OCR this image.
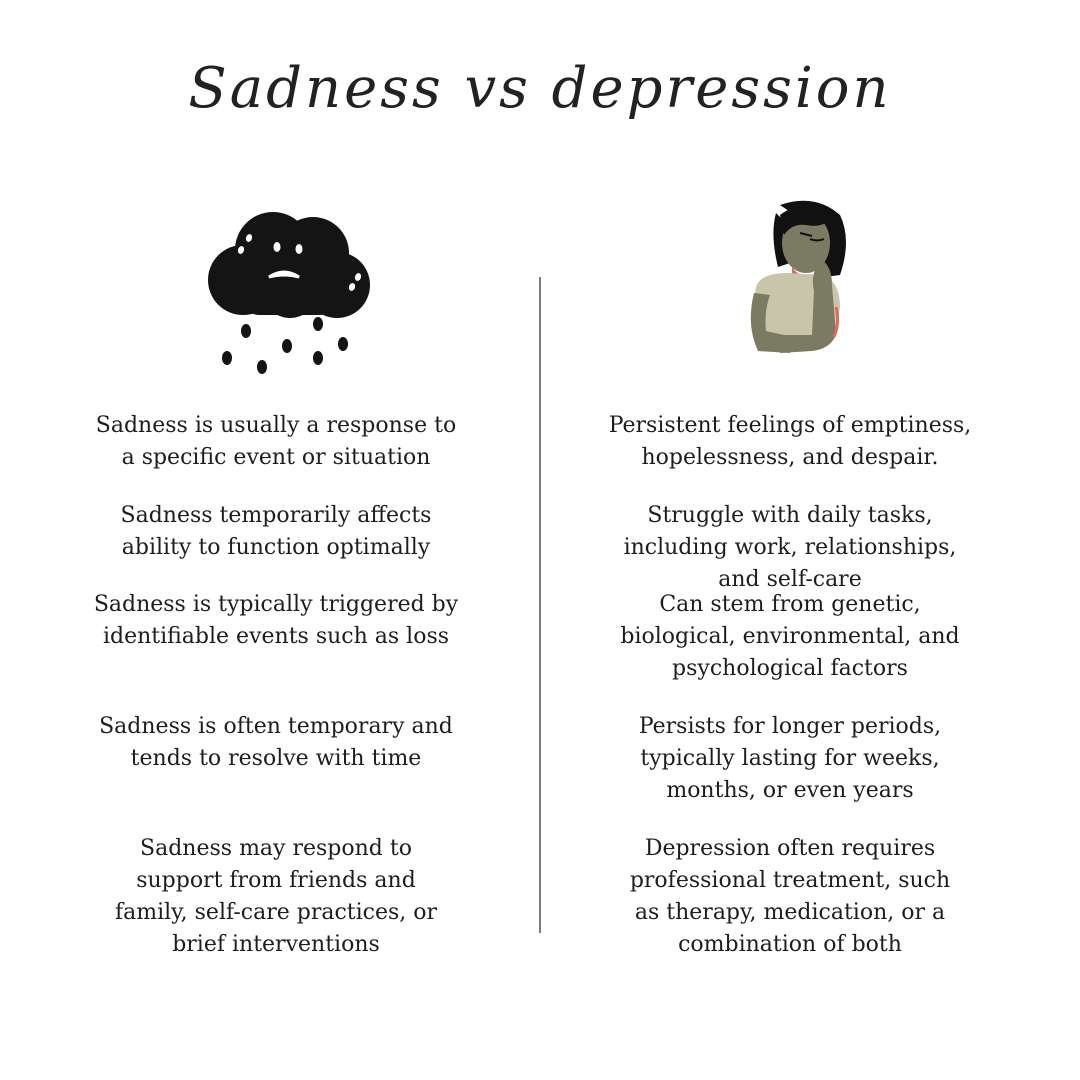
Sadness vs depression
Sadness is usually a response to a specific event or situation
Sadness temporarily affects ability to function optimally
Sadness is typically triggered by identifiable events such as loss
Sadness is often temporary and tends to resolve with time
Sadness may respond to support from friends and family, self-care practices, or brief interventions
Persistent feelings of emptiness, hopelessness, and despair.
Struggle with daily tasks, including work, relationships, and self-care
Can stem from genetic, biological, environmental, and psychological factors
Persists for longer periods, typically lasting for weeks, months, or even years
Depression often requires professional treatment, such as therapy, medication, or a combination of both
